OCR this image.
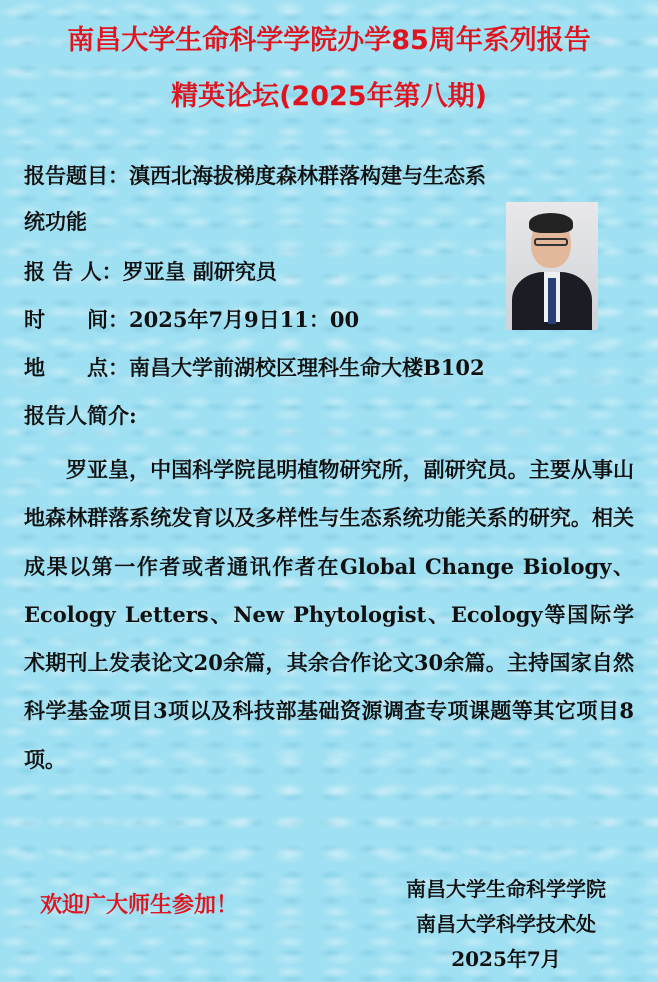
南昌大学生命科学学院办学85周年系列报告
精英论坛(2025年第八期)
报告题目：滇西北海拔梯度森林群落构建与生态系
统功能
报 告 人：罗亚皇 副研究员
时　　间：2025年7月9日11：00
地　　点：南昌大学前湖校区理科生命大楼B102
报告人简介:
罗亚皇，中国科学院昆明植物研究所，副研究员。主要从事山地森林群落系统发育以及多样性与生态系统功能关系的研究。相关成果以第一作者或者通讯作者在Global Change Biology、Ecology Letters、New Phytologist、Ecology等国际学术期刊上发表论文20余篇，其余合作论文30余篇。主持国家自然科学基金项目3项以及科技部基础资源调查专项课题等其它项目8项。
欢迎广大师生参加！
南昌大学生命科学学院
南昌大学科学技术处
2025年7月
